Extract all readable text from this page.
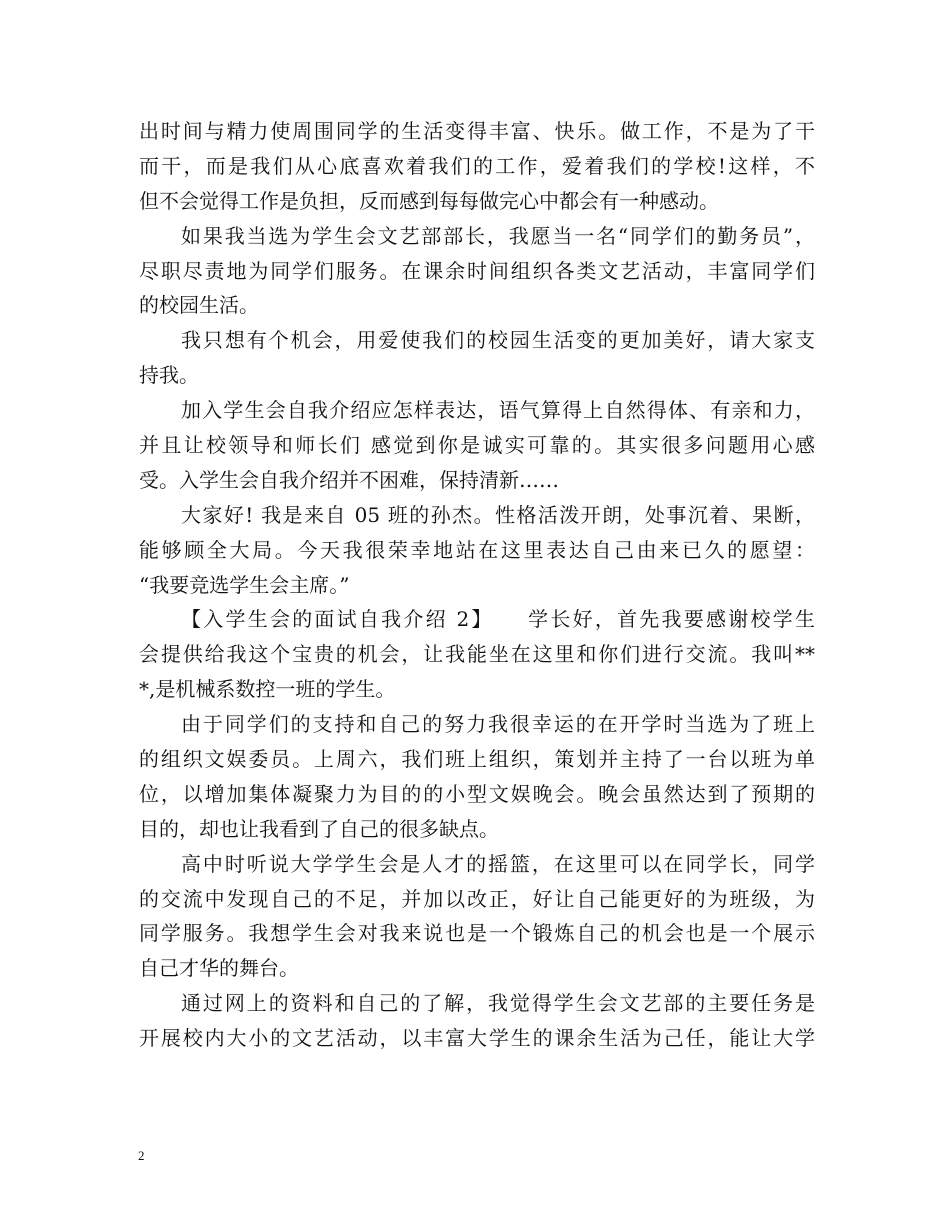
出时间与精力使周围同学的生活变得丰富、快乐。做工作，不是为了干
而干，而是我们从心底喜欢着我们的工作，爱着我们的学校!这样，不
但不会觉得工作是负担，反而感到每每做完心中都会有一种感动。
如果我当选为学生会文艺部部长，我愿当一名“同学们的勤务员”，
尽职尽责地为同学们服务。在课余时间组织各类文艺活动，丰富同学们
的校园生活。
我只想有个机会，用爱使我们的校园生活变的更加美好，请大家支
持我。
加入学生会自我介绍应怎样表达，语气算得上自然得体、有亲和力，
并且让校领导和师长们 感觉到你是诚实可靠的。其实很多问题用心感
受。入学生会自我介绍并不困难，保持清新……
大家好! 我是来自 05 班的孙杰。性格活泼开朗，处事沉着、果断，
能够顾全大局。今天我很荣幸地站在这里表达自己由来已久的愿望：
“我要竞选学生会主席。”
【入学生会的面试自我介绍 2】　　学长好，首先我要感谢校学生
会提供给我这个宝贵的机会，让我能坐在这里和你们进行交流。我叫**
*,是机械系数控一班的学生。
由于同学们的支持和自己的努力我很幸运的在开学时当选为了班上
的组织文娱委员。上周六，我们班上组织，策划并主持了一台以班为单
位，以增加集体凝聚力为目的的小型文娱晚会。晚会虽然达到了预期的
目的，却也让我看到了自己的很多缺点。
高中时听说大学学生会是人才的摇篮，在这里可以在同学长，同学
的交流中发现自己的不足，并加以改正，好让自己能更好的为班级，为
同学服务。我想学生会对我来说也是一个锻炼自己的机会也是一个展示
自己才华的舞台。
通过网上的资料和自己的了解，我觉得学生会文艺部的主要任务是
开展校内大小的文艺活动，以丰富大学生的课余生活为己任，能让大学
2
